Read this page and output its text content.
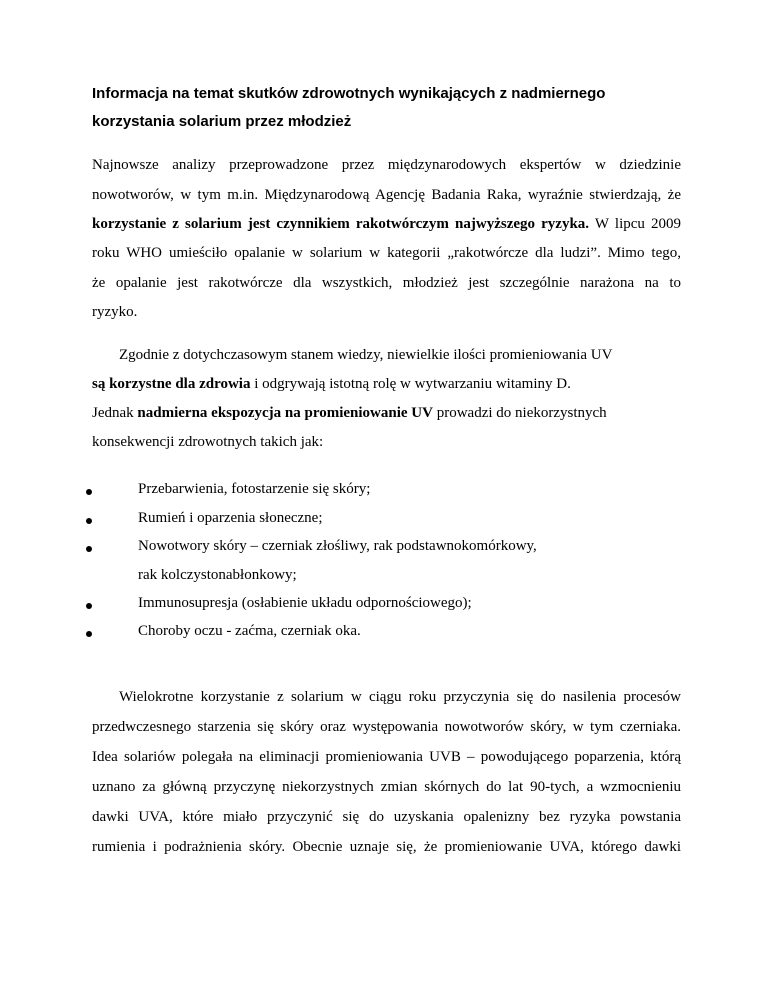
Informacja na temat skutków zdrowotnych wynikających z nadmiernego
korzystania solarium przez młodzież
Najnowsze analizy przeprowadzone przez międzynarodowych ekspertów w dziedzinie
nowotworów, w tym m.in. Międzynarodową Agencję Badania Raka, wyraźnie stwierdzają, że
korzystanie z solarium jest czynnikiem rakotwórczym najwyższego ryzyka. W lipcu 2009
roku WHO umieściło opalanie w solarium w kategorii „rakotwórcze dla ludzi”. Mimo tego,
że opalanie jest rakotwórcze dla wszystkich, młodzież jest szczególnie narażona na to
ryzyko.
Zgodnie z dotychczasowym stanem wiedzy, niewielkie ilości promieniowania UV
są korzystne dla zdrowia i odgrywają istotną rolę w wytwarzaniu witaminy D.
Jednak nadmierna ekspozycja na promieniowanie UV prowadzi do niekorzystnych
konsekwencji zdrowotnych takich jak:
Przebarwienia, fotostarzenie się skóry;
Rumień i oparzenia słoneczne;
Nowotwory skóry – czerniak złośliwy, rak podstawnokomórkowy,
rak kolczystonabłonkowy;
Immunosupresja (osłabienie układu odpornościowego);
Choroby oczu - zaćma, czerniak oka.
Wielokrotne korzystanie z solarium w ciągu roku przyczynia się do nasilenia procesów
przedwczesnego starzenia się skóry oraz występowania nowotworów skóry, w tym czerniaka.
Idea solariów polegała na eliminacji promieniowania UVB – powodującego poparzenia, którą
uznano za główną przyczynę niekorzystnych zmian skórnych do lat 90-tych, a wzmocnieniu
dawki UVA, które miało przyczynić się do uzyskania opalenizny bez ryzyka powstania
rumienia i podrażnienia skóry. Obecnie uznaje się, że promieniowanie UVA, którego dawki
